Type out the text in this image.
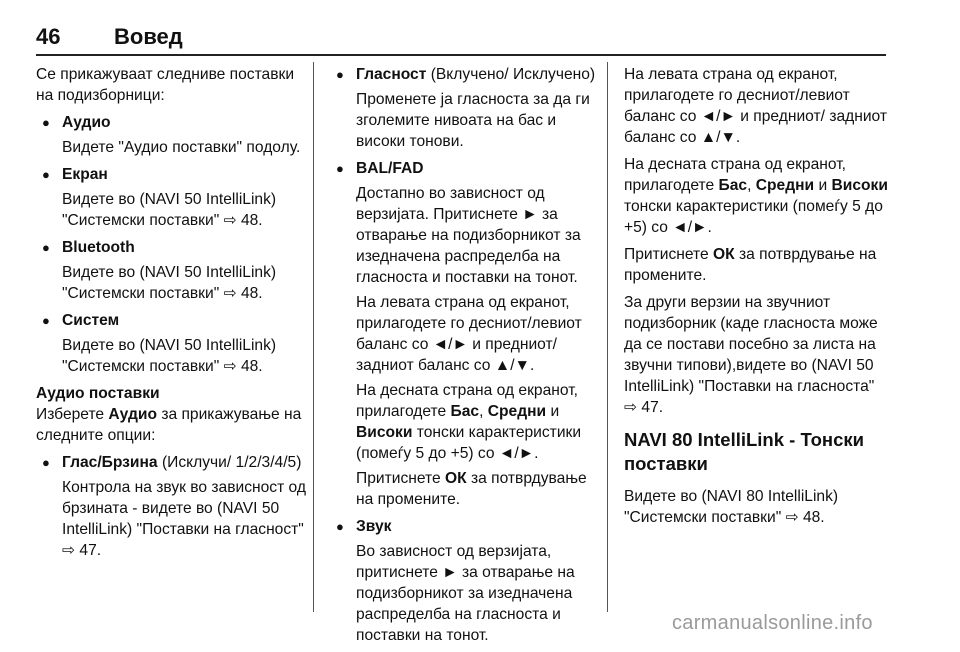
46 Вовед

Се прикажуваат следниве поставки на подизборници:

● Аудио
Видете "Аудио поставки" подолу.
● Екран
Видете во (NAVI 50 IntelliLink) "Системски поставки" ⇨ 48.
● Bluetooth
Видете во (NAVI 50 IntelliLink) "Системски поставки" ⇨ 48.
● Систем
Видете во (NAVI 50 IntelliLink) "Системски поставки" ⇨ 48.
Аудио поставки

Изберете Аудио за прикажување на следните опции:

● Глас/Брзина (Исклучи/ 1/2/3/4/5)
Контрола на звук во зависност од брзината - видете во (NAVI 50 IntelliLink) "Поставки на гласност" ⇨ 47.
● Гласност (Вклучено/ Исклучено)
Променете ја гласноста за да ги зголемите нивоата на бас и високи тонови.
● BAL/FAD
Достапно во зависност од верзијата. Притиснете ► за отварање на подизборникот за изедначена распределба на гласноста и поставки на тонот.
На левата страна од екранот, прилагодете го десниот/левиот баланс со ◄/► и предниот/ задниот баланс со ▲/▼.
На десната страна од екранот, прилагодете Бас, Средни и Високи тонски карактеристики (помеѓу 5 до +5) со ◄/►.
Притиснете ОК за потврдување на промените.
● Звук
Во зависност од верзијата, притиснете ► за отварање на подизборникот за изедначена распределба на гласноста и поставки на тонот.

На левата страна од екранот, прилагодете го десниот/левиот баланс со ◄/► и предниот/ задниот баланс со ▲/▼.

На десната страна од екранот, прилагодете Бас, Средни и Високи тонски карактеристики (помеѓу 5 до +5) со ◄/►.

Притиснете ОК за потврдување на промените.

За други верзии на звучниот подизборник (каде гласноста може да се постави посебно за листа на звучни типови),видете во (NAVI 50 IntelliLink) "Поставки на гласноста" ⇨ 47.

NAVI 80 IntelliLink - Тонски поставки

Видете во (NAVI 80 IntelliLink) "Системски поставки" ⇨ 48.

carmanualsonline.info
